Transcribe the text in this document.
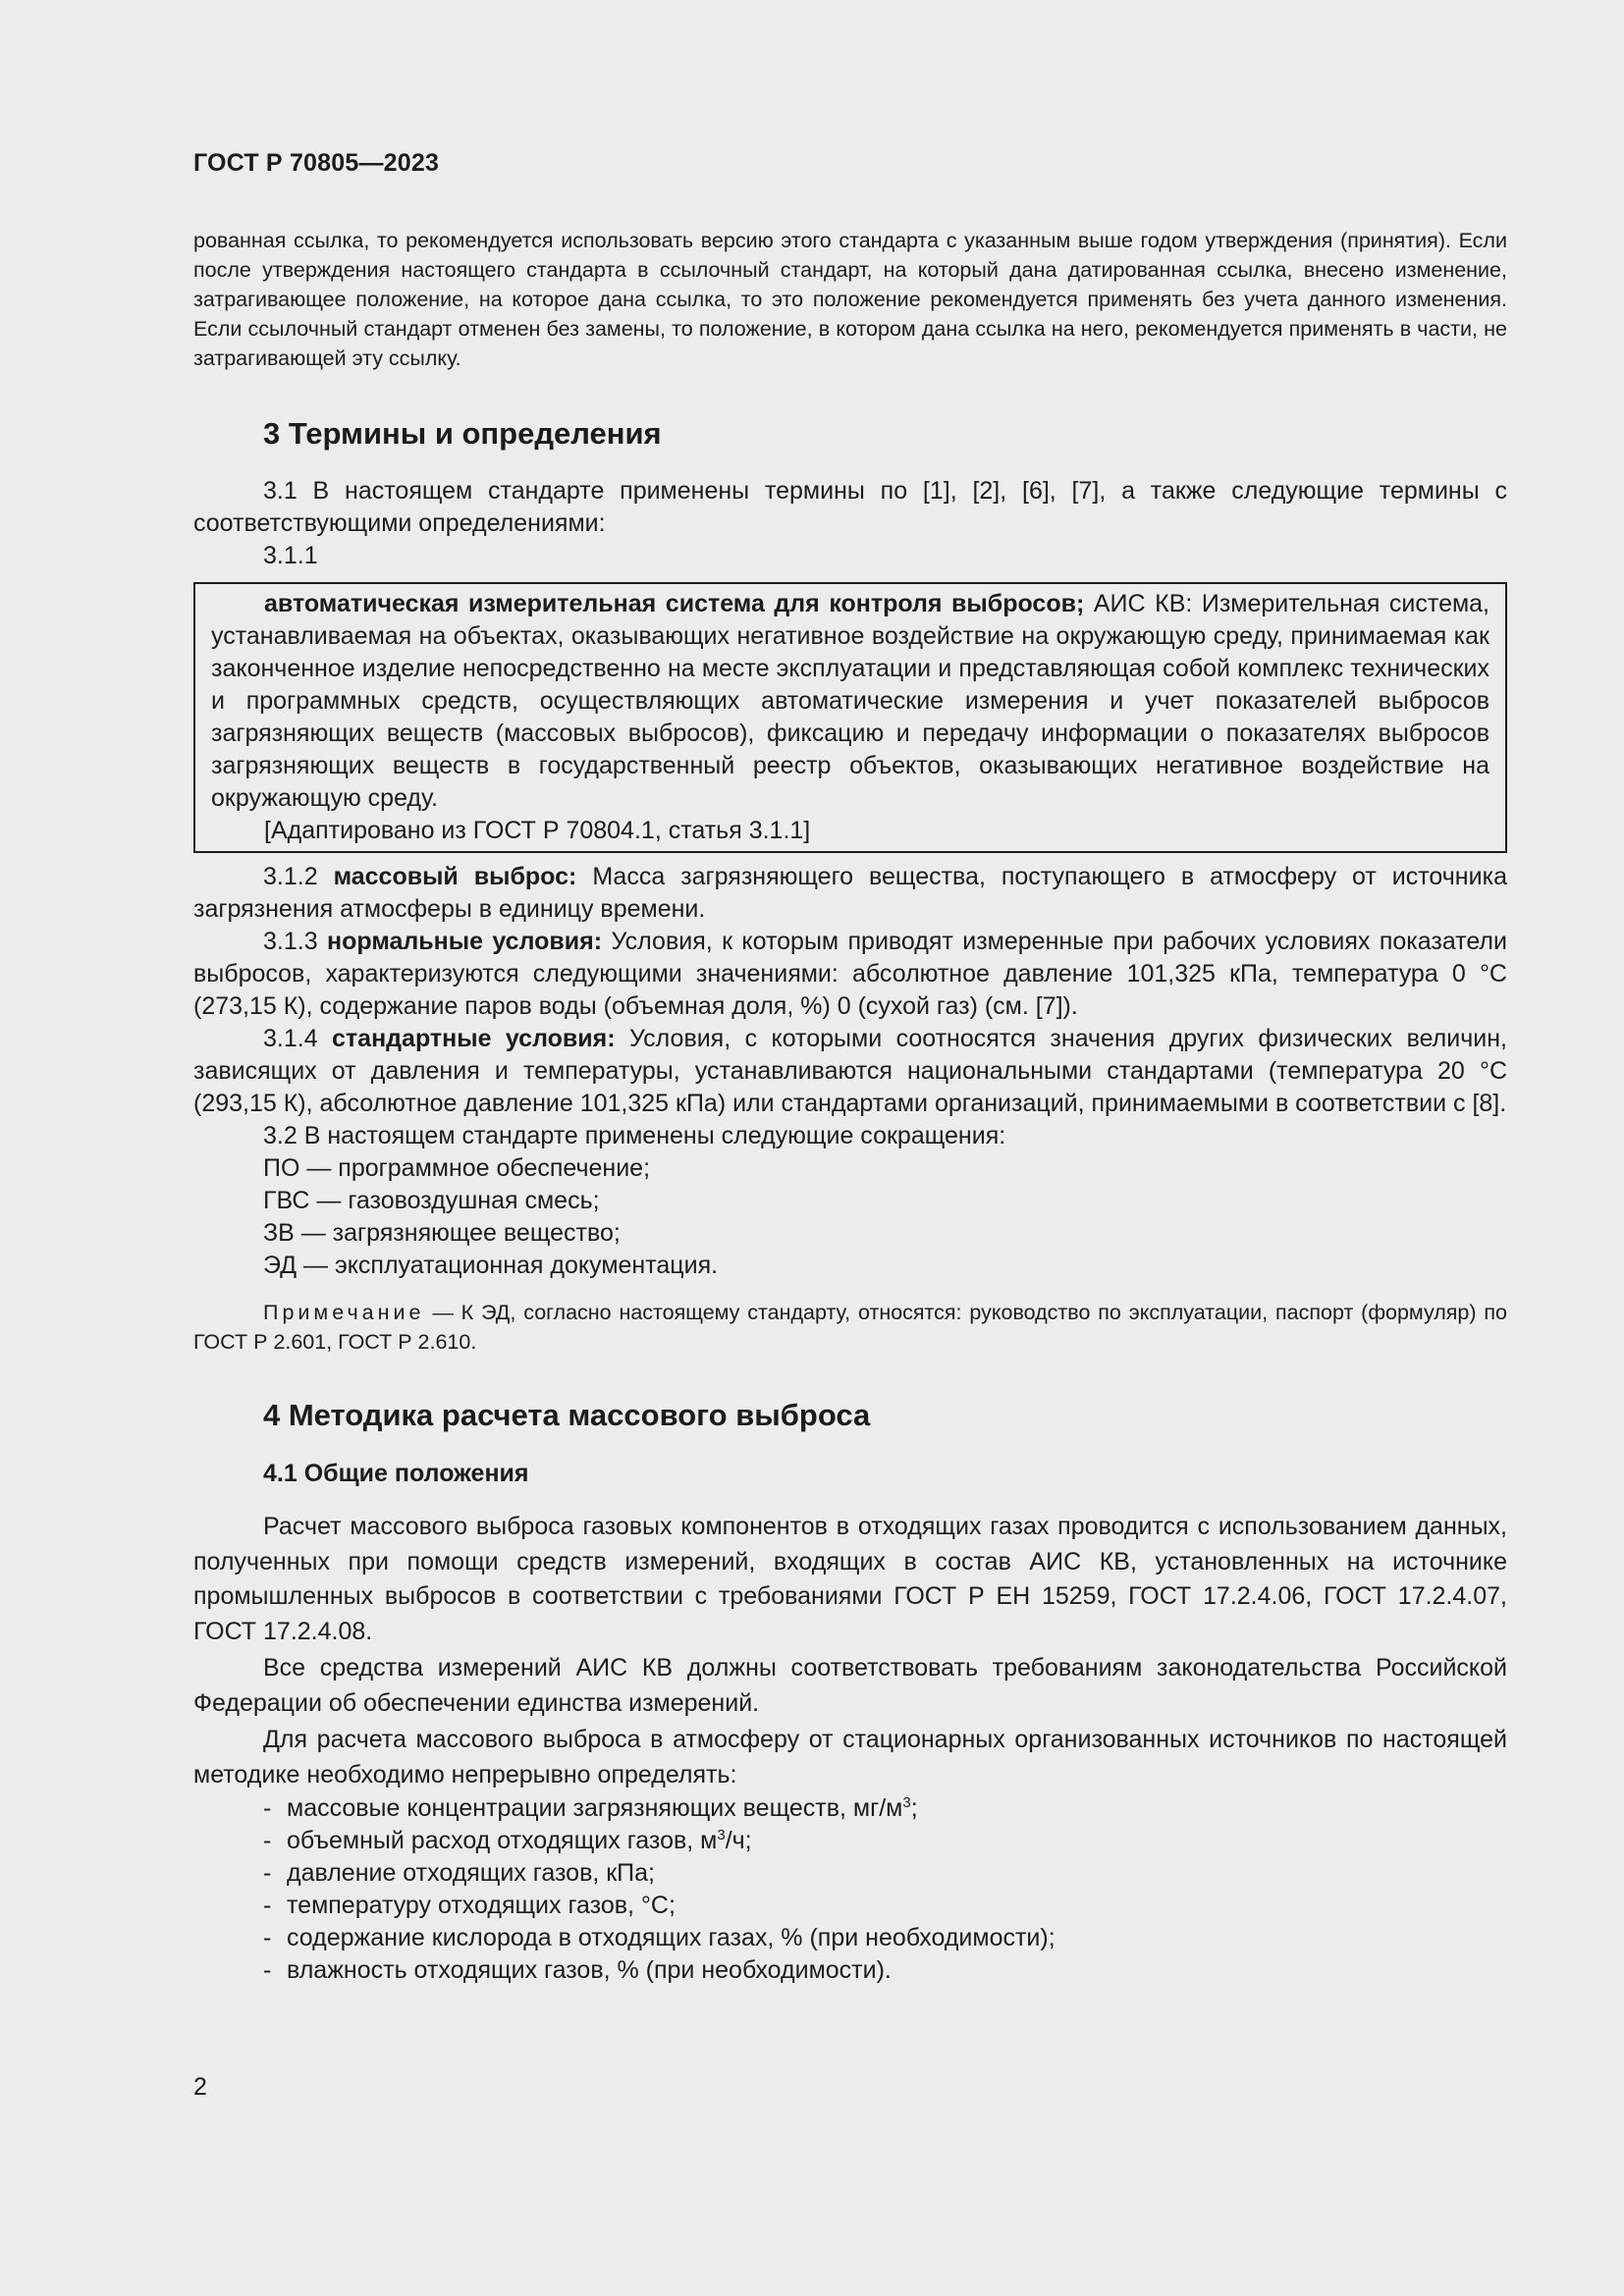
ГОСТ Р 70805—2023

рованная ссылка, то рекомендуется использовать версию этого стандарта с указанным выше годом утверждения (принятия). Если после утверждения настоящего стандарта в ссылочный стандарт, на который дана датированная ссылка, внесено изменение, затрагивающее положение, на которое дана ссылка, то это положение рекомендуется применять без учета данного изменения. Если ссылочный стандарт отменен без замены, то положение, в котором дана ссылка на него, рекомендуется применять в части, не затрагивающей эту ссылку.

3 Термины и определения

3.1 В настоящем стандарте применены термины по [1], [2], [6], [7], а также следующие термины с соответствующими определениями:

3.1.1

автоматическая измерительная система для контроля выбросов; АИС КВ: Измерительная система, устанавливаемая на объектах, оказывающих негативное воздействие на окружающую среду, принимаемая как законченное изделие непосредственно на месте эксплуатации и представляющая собой комплекс технических и программных средств, осуществляющих автоматические измерения и учет показателей выбросов загрязняющих веществ (массовых выбросов), фиксацию и передачу информации о показателях выбросов загрязняющих веществ в государственный реестр объектов, оказывающих негативное воздействие на окружающую среду.

[Адаптировано из ГОСТ Р 70804.1, статья 3.1.1]

3.1.2 массовый выброс: Масса загрязняющего вещества, поступающего в атмосферу от источника загрязнения атмосферы в единицу времени.

3.1.3 нормальные условия: Условия, к которым приводят измеренные при рабочих условиях показатели выбросов, характеризуются следующими значениями: абсолютное давление 101,325 кПа, температура 0 °С (273,15 К), содержание паров воды (объемная доля, %) 0 (сухой газ) (см. [7]).

3.1.4 стандартные условия: Условия, с которыми соотносятся значения других физических величин, зависящих от давления и температуры, устанавливаются национальными стандартами (температура 20 °С (293,15 К), абсолютное давление 101,325 кПа) или стандартами организаций, принимаемыми в соответствии с [8].

3.2 В настоящем стандарте применены следующие сокращения:

ПО — программное обеспечение;

ГВС — газовоздушная смесь;

ЗВ — загрязняющее вещество;

ЭД — эксплуатационная документация.

Примечание — К ЭД, согласно настоящему стандарту, относятся: руководство по эксплуатации, паспорт (формуляр) по ГОСТ Р 2.601, ГОСТ Р 2.610.

4 Методика расчета массового выброса
4.1 Общие положения

Расчет массового выброса газовых компонентов в отходящих газах проводится с использованием данных, полученных при помощи средств измерений, входящих в состав АИС КВ, установленных на источнике промышленных выбросов в соответствии с требованиями ГОСТ Р ЕН 15259, ГОСТ 17.2.4.06, ГОСТ 17.2.4.07, ГОСТ 17.2.4.08.

Все средства измерений АИС КВ должны соответствовать требованиям законодательства Российской Федерации об обеспечении единства измерений.

Для расчета массового выброса в атмосферу от стационарных организованных источников по настоящей методике необходимо непрерывно определять:

- массовые концентрации загрязняющих веществ, $мг/м^3$;
- объемный расход отходящих газов, $м^3/ч$;
- давление отходящих газов, кПа;
- температуру отходящих газов, °С;
- содержание кислорода в отходящих газах, % (при необходимости);
- влажность отходящих газов, % (при необходимости).
2
